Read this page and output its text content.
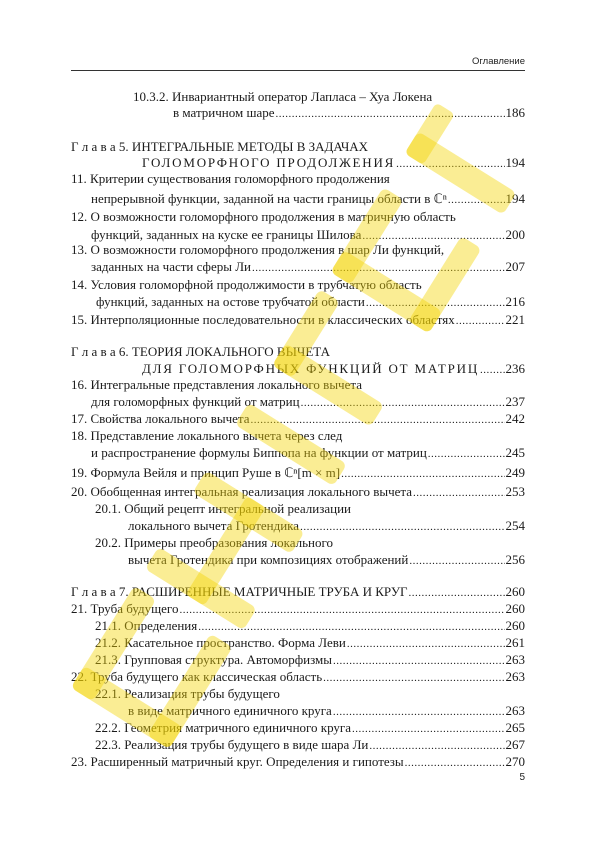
Оглавление
10.3.2. Инвариантный оператор Лапласа – Хуа Локена
в матричном шаре .....	186
Г л а в а 5. ИНТЕГРАЛЬНЫЕ МЕТОДЫ В ЗАДАЧАХ
ГОЛОМОРФНОГО ПРОДОЛЖЕНИЯ .....	194
11. Критерии существования голоморфного продолжения
непрерывной функции, заданной на части границы области в ℂⁿ .....	194
12. О возможности голоморфного продолжения в матричную область
функций, заданных на куске ее границы Шилова .....	200
13. О возможности голоморфного продолжения в шар Ли функций,
заданных на части сферы Ли .....	207
14. Условия голоморфной продолжимости в трубчатую область
функций, заданных на остове трубчатой области .....	216
15. Интерполяционные последовательности в классических областях .....	221
Г л а в а 6. ТЕОРИЯ ЛОКАЛЬНОГО ВЫЧЕТА
ДЛЯ ГОЛОМОРФНЫХ ФУНКЦИЙ ОТ МАТРИЦ ..... 236
16. Интегральные представления локального вычета
для голоморфных функций от матриц .....	237
17. Свойства локального вычета .....	242
18. Представление локального вычета через след
и распространение формулы Биппопа на функции от матриц .....	245
19. Формула Вейля и принцип Руше в ℂⁿ[m × m] .....	249
20. Обобщенная интегральная реализация локального вычета .....	253
20.1. Общий рецепт интегральной реализации
локального вычета Гротендика .....	254
20.2. Примеры преобразования локального
вычета Гротендика при композициях отображений .....	256
Г л а в а 7. РАСШИРЕННЫЕ МАТРИЧНЫЕ ТРУБА И КРУГ .....	260
21. Труба будущего .....	260
21.1. Определения .....	260
21.2. Касательное пространство. Форма Леви .....	261
21.3. Групповая структура. Автоморфизмы .....	263
22. Труба будущего как классическая область .....	263
22.1. Реализация трубы будущего
в виде матричного единичного круга .....	263
22.2. Геометрия матричного единичного круга .....	265
22.3. Реализация трубы будущего в виде шара Ли .....	267
23. Расширенный матричный круг. Определения и гипотезы .....	270
5
